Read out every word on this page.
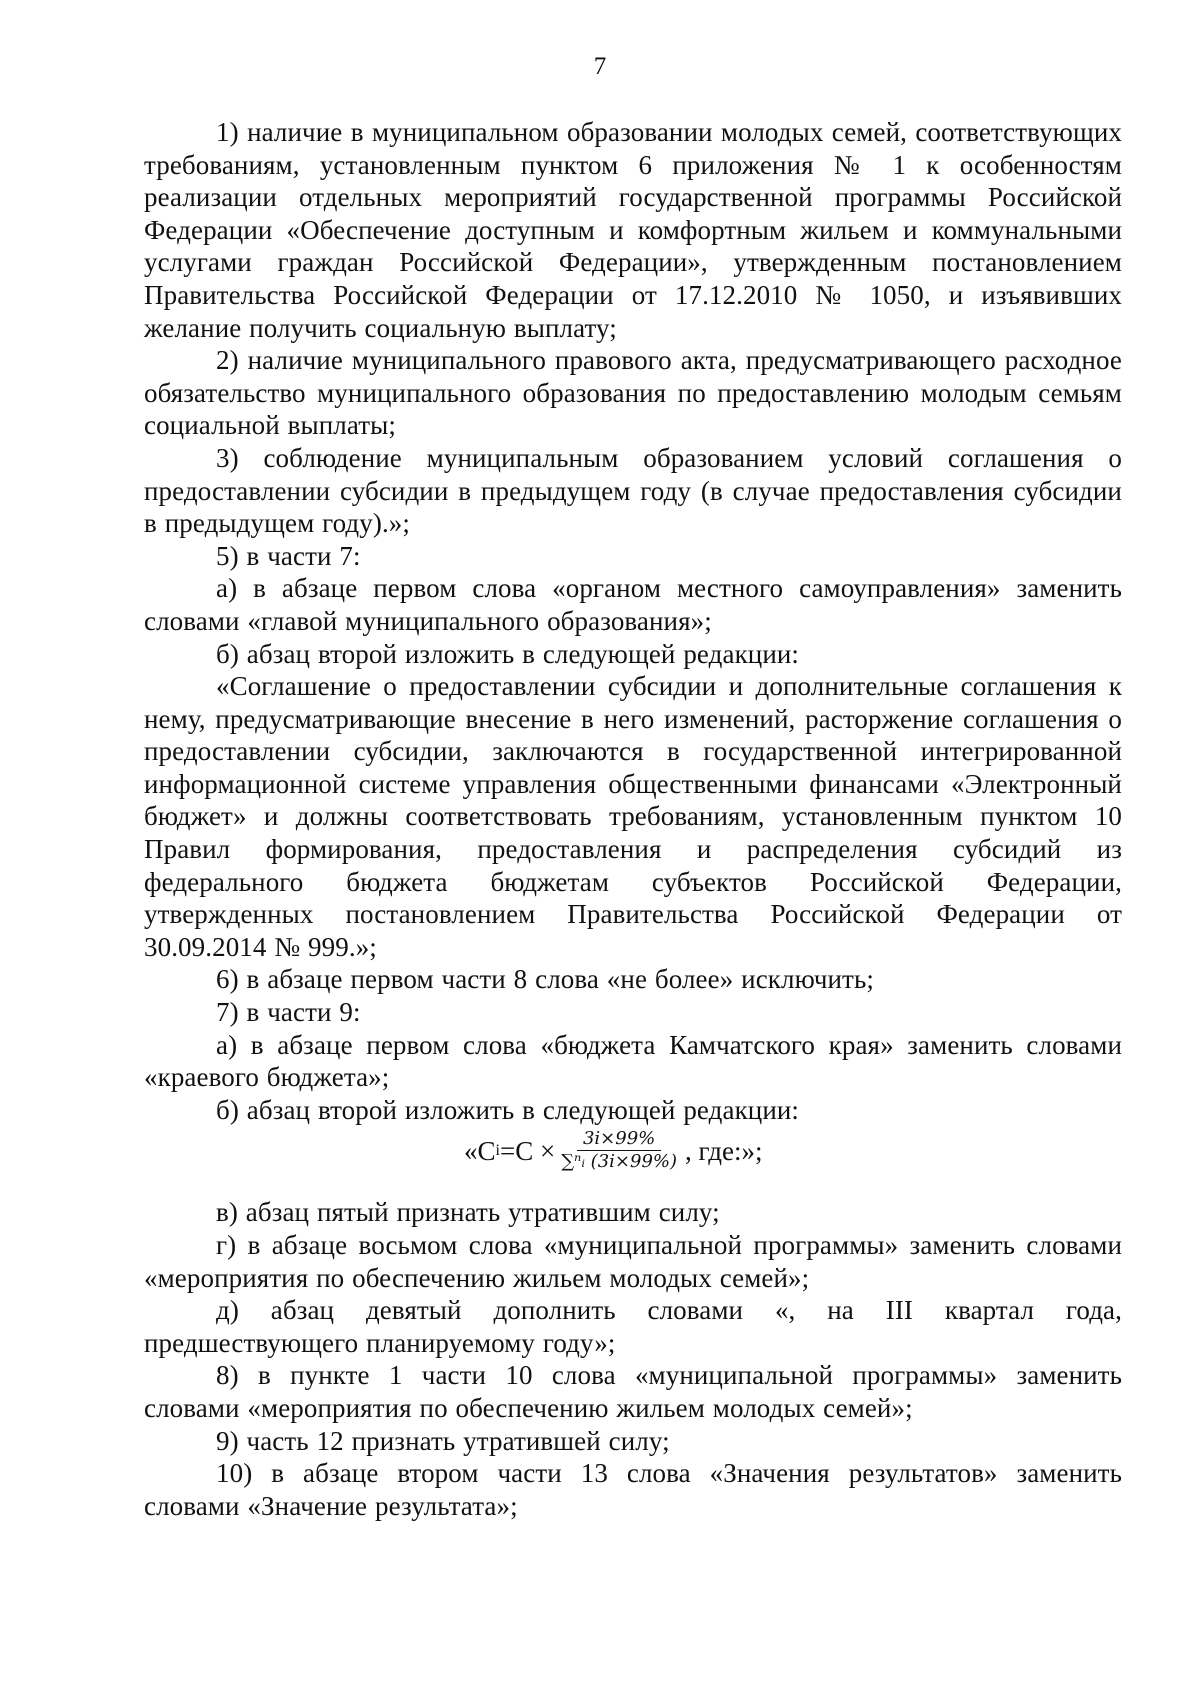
7

1) наличие в муниципальном образовании молодых семей, соответствующих требованиям, установленным пунктом 6 приложения № 1 к особенностям реализации отдельных мероприятий государственной программы Российской Федерации «Обеспечение доступным и комфортным жильем и коммунальными услугами граждан Российской Федерации», утвержденным постановлением Правительства Российской Федерации от 17.12.2010 № 1050, и изъявивших желание получить социальную выплату;

2) наличие муниципального правового акта, предусматривающего расходное обязательство муниципального образования по предоставлению молодым семьям социальной выплаты;

3) соблюдение муниципальным образованием условий соглашения о предоставлении субсидии в предыдущем году (в случае предоставления субсидии в предыдущем году).»;

5) в части 7:

а) в абзаце первом слова «органом местного самоуправления» заменить словами «главой муниципального образования»;

б) абзац второй изложить в следующей редакции:

«Соглашение о предоставлении субсидии и дополнительные соглашения к нему, предусматривающие внесение в него изменений, расторжение соглашения о предоставлении субсидии, заключаются в государственной интегрированной информационной системе управления общественными финансами «Электронный бюджет» и должны соответствовать требованиям, установленным пунктом 10 Правил формирования, предоставления и распределения субсидий из федерального бюджета бюджетам субъектов Российской Федерации, утвержденных постановлением Правительства Российской Федерации от 30.09.2014 № 999.»;

6) в абзаце первом части 8 слова «не более» исключить;

7) в части 9:

а) в абзаце первом слова «бюджета Камчатского края» заменить словами «краевого бюджета»;

б) абзац второй изложить в следующей редакции:

«C $i =C \times \frac{3i\times 99\%}{\text{∑ⁿᵢ (3i×99\%)}}$ , где:»;

в) абзац пятый признать утратившим силу;

г) в абзаце восьмом слова «муниципальной программы» заменить словами «мероприятия по обеспечению жильем молодых семей»;

д) абзац девятый дополнить словами «, на III квартал года, предшествующего планируемому году»;

8) в пункте 1 части 10 слова «муниципальной программы» заменить словами «мероприятия по обеспечению жильем молодых семей»;

9) часть 12 признать утратившей силу;

10) в абзаце втором части 13 слова «Значения результатов» заменить словами «Значение результата»;
